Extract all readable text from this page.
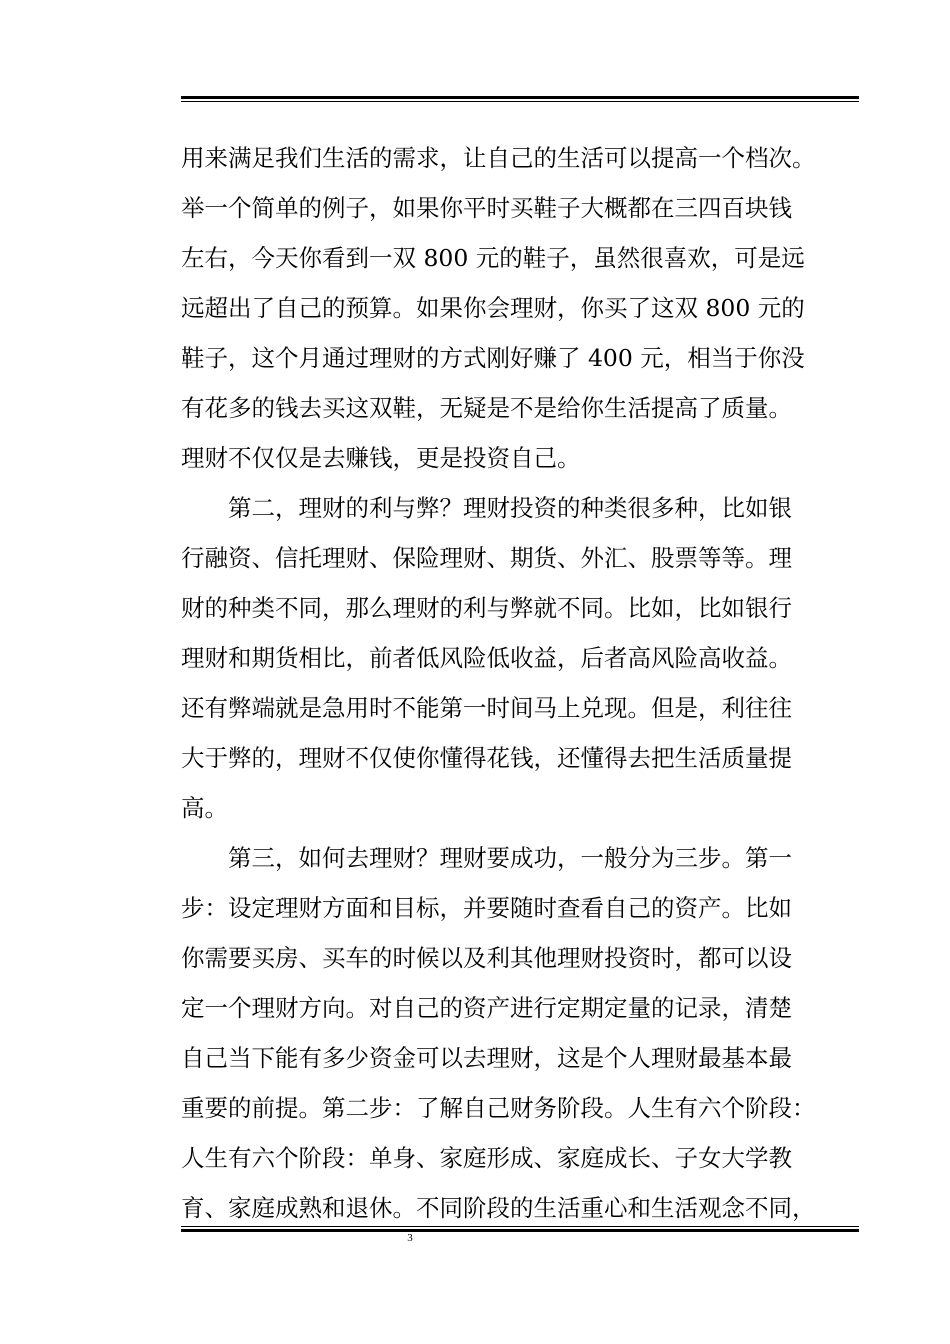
用来满足我们生活的需求，让自己的生活可以提高一个档次。
举一个简单的例子，如果你平时买鞋子大概都在三四百块钱
左右，今天你看到一双 800 元的鞋子，虽然很喜欢，可是远
远超出了自己的预算。如果你会理财，你买了这双 800 元的
鞋子，这个月通过理财的方式刚好赚了 400 元，相当于你没
有花多的钱去买这双鞋，无疑是不是给你生活提高了质量。
理财不仅仅是去赚钱，更是投资自己。
　　第二，理财的利与弊？理财投资的种类很多种，比如银
行融资、信托理财、保险理财、期货、外汇、股票等等。理
财的种类不同，那么理财的利与弊就不同。比如，比如银行
理财和期货相比，前者低风险低收益，后者高风险高收益。
还有弊端就是急用时不能第一时间马上兑现。但是，利往往
大于弊的，理财不仅使你懂得花钱，还懂得去把生活质量提
高。
　　第三，如何去理财？理财要成功，一般分为三步。第一
步：设定理财方面和目标，并要随时查看自己的资产。比如
你需要买房、买车的时候以及利其他理财投资时，都可以设
定一个理财方向。对自己的资产进行定期定量的记录，清楚
自己当下能有多少资金可以去理财，这是个人理财最基本最
重要的前提。第二步：了解自己财务阶段。人生有六个阶段：
人生有六个阶段：单身、家庭形成、家庭成长、子女大学教
育、家庭成熟和退休。不同阶段的生活重心和生活观念不同，
3
